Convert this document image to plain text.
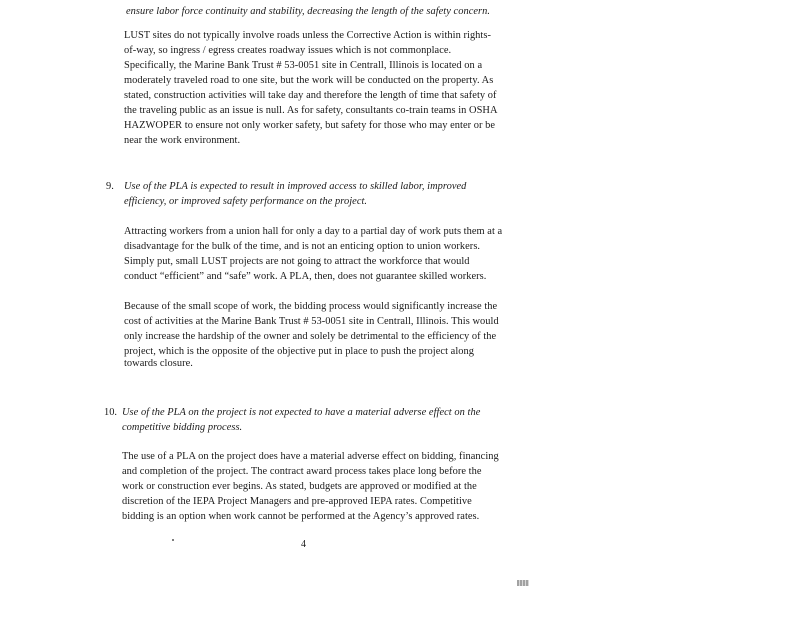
ensure labor force continuity and stability, decreasing the length of the safety concern.
LUST sites do not typically involve roads unless the Corrective Action is within rights-
of-way, so ingress / egress creates roadway issues which is not commonplace.
Specifically, the Marine Bank Trust # 53-0051 site in Centrall, Illinois is located on a
moderately traveled road to one site, but the work will be conducted on the property. As
stated, construction activities will take day and therefore the length of time that safety of
the traveling public as an issue is null. As for safety, consultants co-train teams in OSHA
HAZWOPER to ensure not only worker safety, but safety for those who may enter or be
near the work environment.
9. Use of the PLA is expected to result in improved access to skilled labor, improved
efficiency, or improved safety performance on the project.
Attracting workers from a union hall for only a day to a partial day of work puts them at a
disadvantage for the bulk of the time, and is not an enticing option to union workers.
Simply put, small LUST projects are not going to attract the workforce that would
conduct “efficient” and “safe” work. A PLA, then, does not guarantee skilled workers.
Because of the small scope of work, the bidding process would significantly increase the
cost of activities at the Marine Bank Trust # 53-0051 site in Centrall, Illinois. This would
only increase the hardship of the owner and solely be detrimental to the efficiency of the
project, which is the opposite of the objective put in place to push the project along
towards closure.
10. Use of the PLA on the project is not expected to have a material adverse effect on the
competitive bidding process.
The use of a PLA on the project does have a material adverse effect on bidding, financing
and completion of the project. The contract award process takes place long before the
work or construction ever begins. As stated, budgets are approved or modified at the
discretion of the IEPA Project Managers and pre-approved IEPA rates. Competitive
bidding is an option when work cannot be performed at the Agency’s approved rates.
4
